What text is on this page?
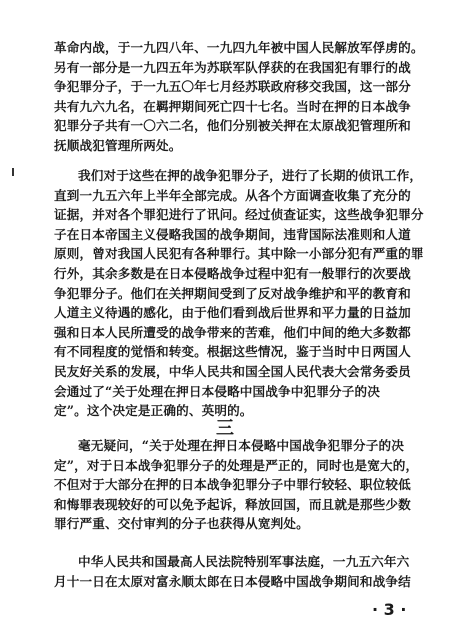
革命内战，于一九四八年、一九四九年被中国人民解放军俘虏的。
另有一部分是一九四五年为苏联军队俘获的在我国犯有罪行的战
争犯罪分子，于一九五〇年七月经苏联政府移交我国，这一部分
共有九六九名，在羁押期间死亡四十七名。当时在押的日本战争
犯罪分子共有一〇六二名，他们分别被关押在太原战犯管理所和
抚顺战犯管理所两处。
我们对于这些在押的战争犯罪分子，进行了长期的侦讯工作，
直到一九五六年上半年全部完成。从各个方面调查收集了充分的
证据，并对各个罪犯进行了讯问。经过侦查证实，这些战争犯罪分
子在日本帝国主义侵略我国的战争期间，违背国际法准则和人道
原则，曾对我国人民犯有各种罪行。其中除一小部分犯有严重的罪
行外，其余多数是在日本侵略战争过程中犯有一般罪行的次要战
争犯罪分子。他们在关押期间受到了反对战争维护和平的教育和
人道主义待遇的感化，由于他们看到战后世界和平力量的日益加
强和日本人民所遭受的战争带来的苦难，他们中间的绝大多数都
有不同程度的觉悟和转变。根据这些情况，鉴于当时中日两国人
民友好关系的发展，中华人民共和国全国人民代表大会常务委员
会通过了“关于处理在押日本侵略中国战争中犯罪分子的决
定”。这个决定是正确的、英明的。
三
毫无疑问，“关于处理在押日本侵略中国战争犯罪分子的决
定”，对于日本战争犯罪分子的处理是严正的，同时也是宽大的，
不但对于大部分在押的日本战争犯罪分子中罪行较轻、职位较低
和悔罪表现较好的可以免予起诉，释放回国，而且就是那些少数
罪行严重、交付审判的分子也获得从宽判处。
中华人民共和国最高人民法院特别军事法庭，一九五六年六
月十一日在太原对富永顺太郎在日本侵略中国战争期间和战争结
· 3 ·
